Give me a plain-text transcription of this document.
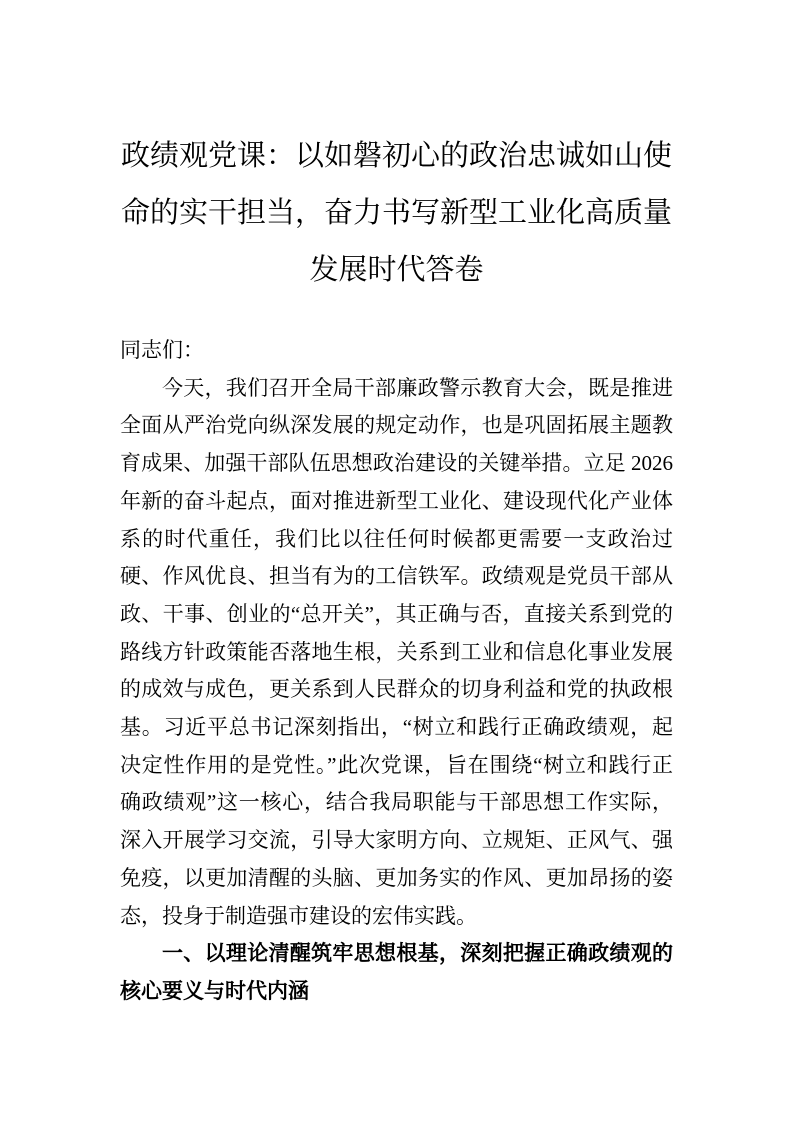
政绩观党课：以如磐初心的政治忠诚如山使命的实干担当，奋力书写新型工业化高质量发展时代答卷

同志们：

今天，我们召开全局干部廉政警示教育大会，既是推进全面从严治党向纵深发展的规定动作，也是巩固拓展主题教育成果、加强干部队伍思想政治建设的关键举措。立足 2026 年新的奋斗起点，面对推进新型工业化、建设现代化产业体系的时代重任，我们比以往任何时候都更需要一支政治过硬、作风优良、担当有为的工信铁军。政绩观是党员干部从政、干事、创业的“总开关”，其正确与否，直接关系到党的路线方针政策能否落地生根，关系到工业和信息化事业发展的成效与成色，更关系到人民群众的切身利益和党的执政根基。习近平总书记深刻指出，“树立和践行正确政绩观，起决定性作用的是党性。”此次党课，旨在围绕“树立和践行正确政绩观”这一核心，结合我局职能与干部思想工作实际，深入开展学习交流，引导大家明方向、立规矩、正风气、强免疫，以更加清醒的头脑、更加务实的作风、更加昂扬的姿态，投身于制造强市建设的宏伟实践。

一、以理论清醒筑牢思想根基，深刻把握正确政绩观的核心要义与时代内涵
